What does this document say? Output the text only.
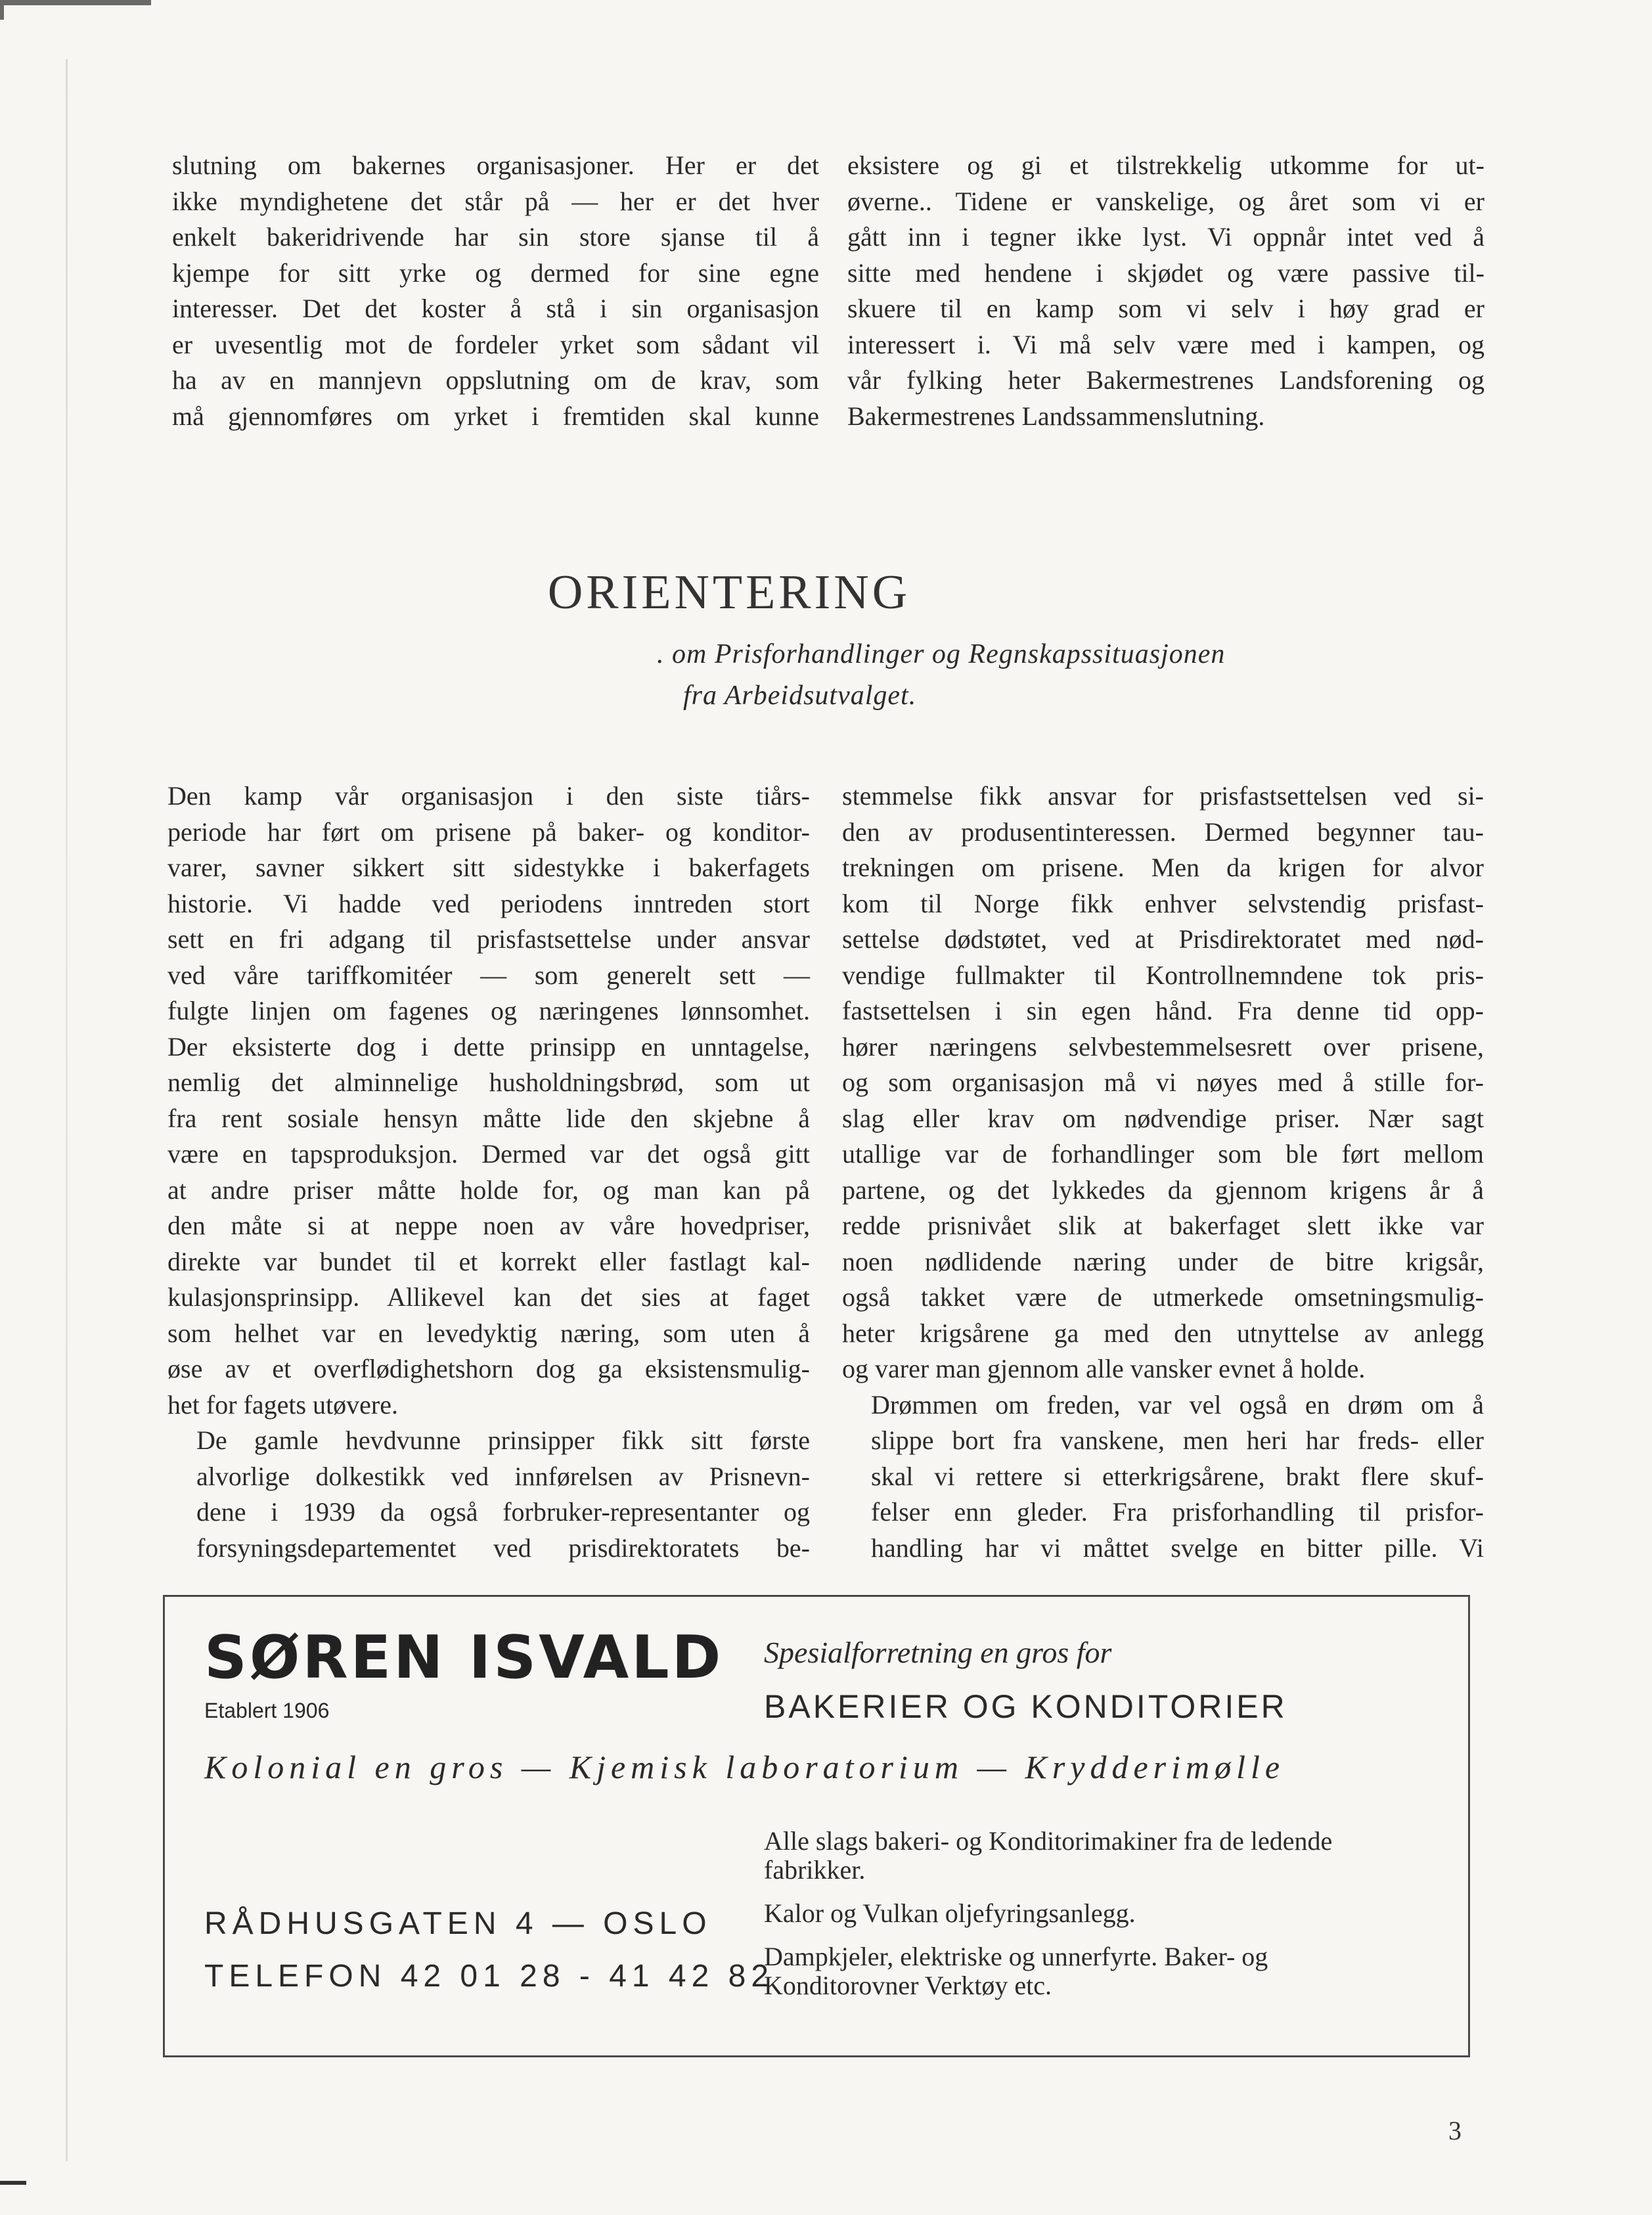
slutning om bakernes organisasjoner. Her er det
ikke myndighetene det står på — her er det hver
enkelt bakeridrivende har sin store sjanse til å
kjempe for sitt yrke og dermed for sine egne
interesser. Det det koster å stå i sin organisasjon
er uvesentlig mot de fordeler yrket som sådant vil
ha av en mannjevn oppslutning om de krav, som
må gjennomføres om yrket i fremtiden skal kunne

eksistere og gi et tilstrekkelig utkomme for ut-
øverne.. Tidene er vanskelige, og året som vi er
gått inn i tegner ikke lyst. Vi oppnår intet ved å
sitte med hendene i skjødet og være passive til-
skuere til en kamp som vi selv i høy grad er
interessert i. Vi må selv være med i kampen, og
vår fylking heter Bakermestrenes Landsforening og
Bakermestrenes Landssammenslutning.

ORIENTERING
. om Prisforhandlinger og Regnskapssituasjonen
fra Arbeidsutvalget.

Den kamp vår organisasjon i den siste tiårs-
periode har ført om prisene på baker- og konditor-
varer, savner sikkert sitt sidestykke i bakerfagets
historie. Vi hadde ved periodens inntreden stort
sett en fri adgang til prisfastsettelse under ansvar
ved våre tariffkomitéer — som generelt sett —
fulgte linjen om fagenes og næringenes lønnsomhet.
Der eksisterte dog i dette prinsipp en unntagelse,
nemlig det alminnelige husholdningsbrød, som ut
fra rent sosiale hensyn måtte lide den skjebne å
være en tapsproduksjon. Dermed var det også gitt
at andre priser måtte holde for, og man kan på
den måte si at neppe noen av våre hovedpriser,
direkte var bundet til et korrekt eller fastlagt kal-
kulasjonsprinsipp. Allikevel kan det sies at faget
som helhet var en levedyktig næring, som uten å
øse av et overflødighetshorn dog ga eksistensmulig-
het for fagets utøvere.

De gamle hevdvunne prinsipper fikk sitt første
alvorlige dolkestikk ved innførelsen av Prisnevn-
dene i 1939 da også forbruker-representanter og
forsyningsdepartementet ved prisdirektoratets be-

stemmelse fikk ansvar for prisfastsettelsen ved si-
den av produsentinteressen. Dermed begynner tau-
trekningen om prisene. Men da krigen for alvor
kom til Norge fikk enhver selvstendig prisfast-
settelse dødstøtet, ved at Prisdirektoratet med nød-
vendige fullmakter til Kontrollnemndene tok pris-
fastsettelsen i sin egen hånd. Fra denne tid opp-
hører næringens selvbestemmelsesrett over prisene,
og som organisasjon må vi nøyes med å stille for-
slag eller krav om nødvendige priser. Nær sagt
utallige var de forhandlinger som ble ført mellom
partene, og det lykkedes da gjennom krigens år å
redde prisnivået slik at bakerfaget slett ikke var
noen nødlidende næring under de bitre krigsår,
også takket være de utmerkede omsetningsmulig-
heter krigsårene ga med den utnyttelse av anlegg
og varer man gjennom alle vansker evnet å holde.

Drømmen om freden, var vel også en drøm om å
slippe bort fra vanskene, men heri har freds- eller
skal vi rettere si etterkrigsårene, brakt flere skuf-
felser enn gleder. Fra prisforhandling til prisfor-
handling har vi måttet svelge en bitter pille. Vi

SØREN ISVALD
Etablert 1906
Spesialforretning en gros for
BAKERIER OG KONDITORIER
Kolonial en gros — Kjemisk laboratorium — Krydderimølle
RÅDHUSGATEN 4 — OSLO
TELEFON 42 01 28 - 41 42 82
Alle slags bakeri- og Konditorimakiner fra de ledende fabrikker.
Kalor og Vulkan oljefyringsanlegg.
Dampkjeler, elektriske og unnerfyrte. Baker- og Konditorovner Verktøy etc.
3
